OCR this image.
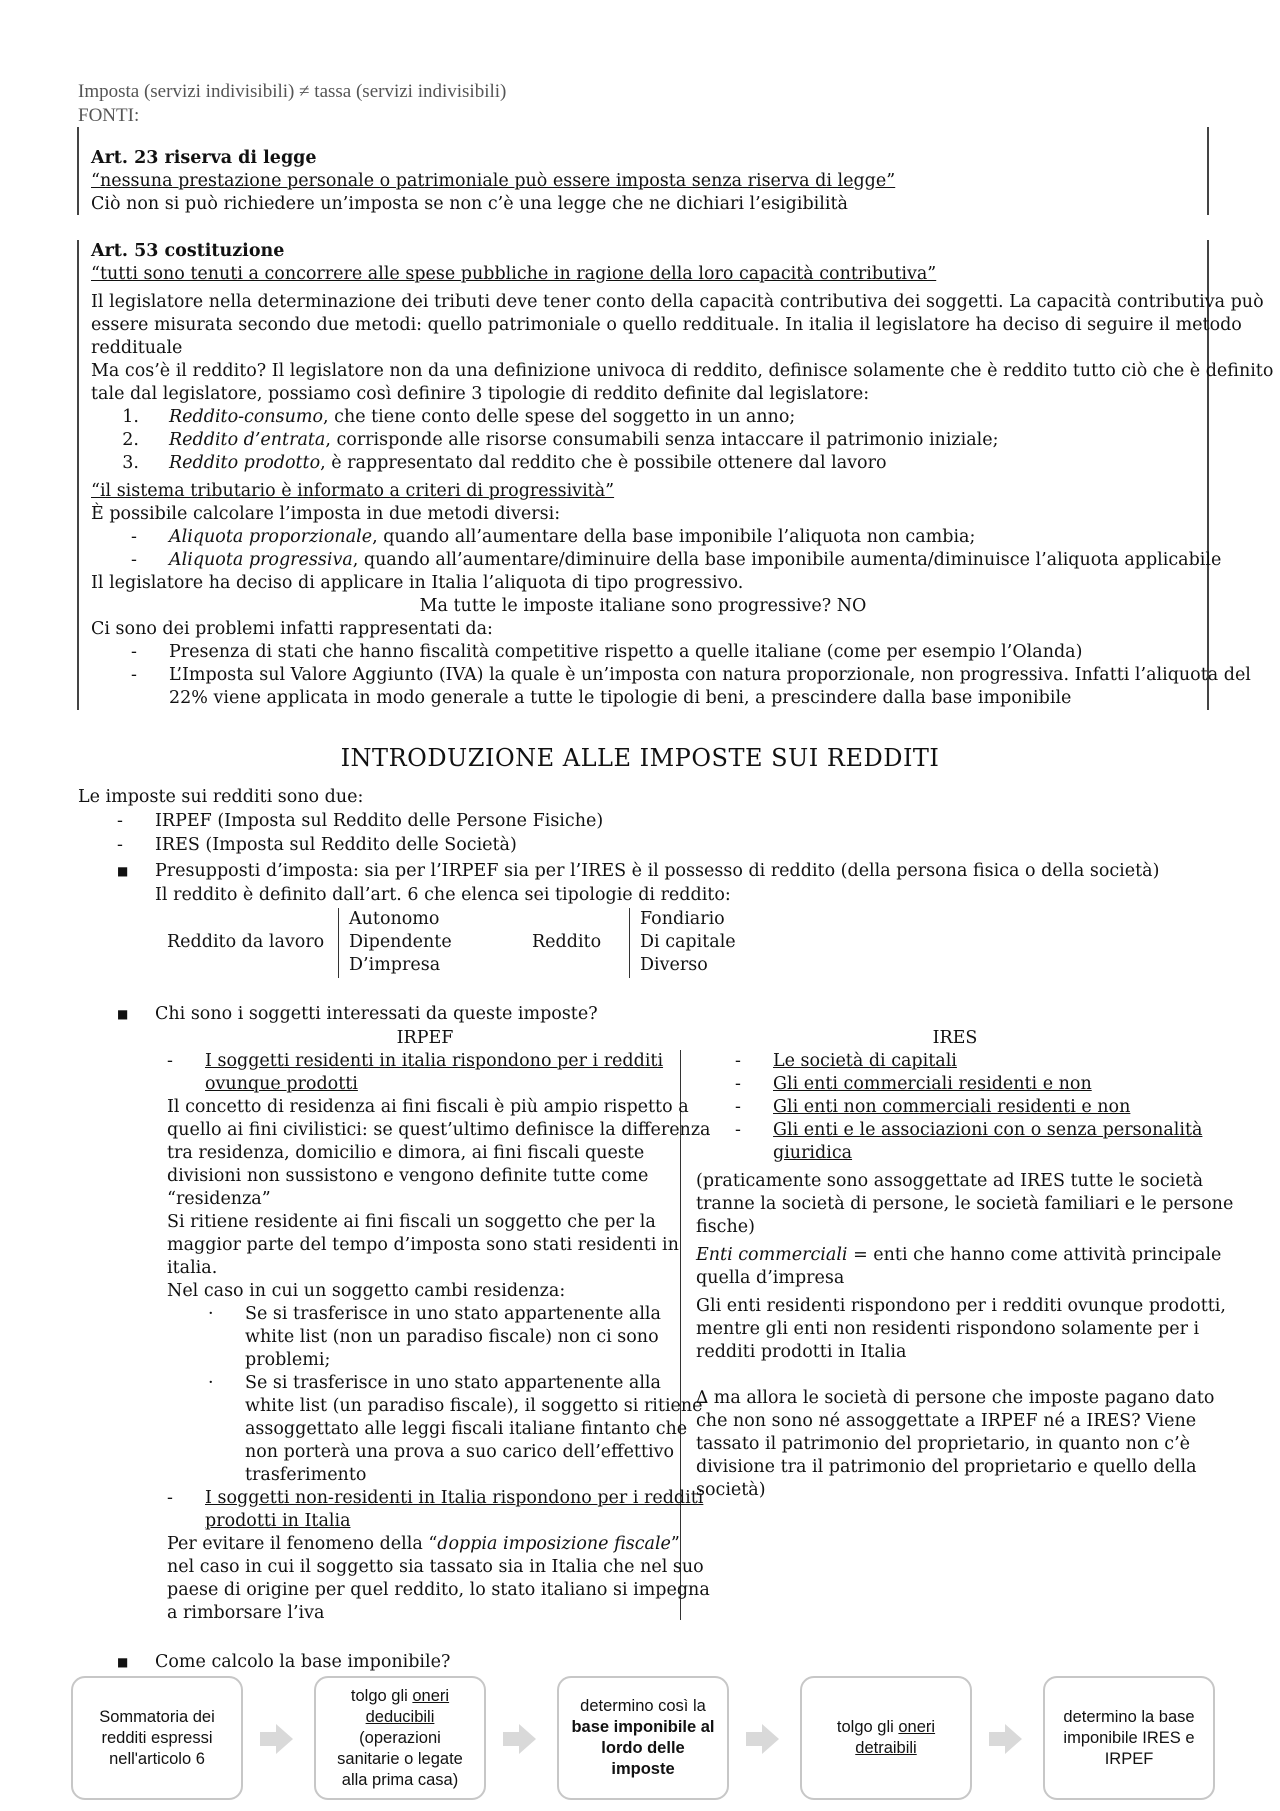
Imposta (servizi indivisibili) ≠ tassa (servizi indivisibili)
FONTI:
Art. 23 riserva di legge
“nessuna prestazione personale o patrimoniale può essere imposta senza riserva di legge”
Ciò non si può richiedere un’imposta se non c’è una legge che ne dichiari l’esigibilità
Art. 53 costituzione
“tutti sono tenuti a concorrere alle spese pubbliche in ragione della loro capacità contributiva”
Il legislatore nella determinazione dei tributi deve tener conto della capacità contributiva dei soggetti. La capacità contributiva può
essere misurata secondo due metodi: quello patrimoniale o quello reddituale. In italia il legislatore ha deciso di seguire il metodo
reddituale
Ma cos’è il reddito? Il legislatore non da una definizione univoca di reddito, definisce solamente che è reddito tutto ciò che è definito
tale dal legislatore, possiamo così definire 3 tipologie di reddito definite dal legislatore:
1. Reddito-consumo, che tiene conto delle spese del soggetto in un anno;
2. Reddito d’entrata, corrisponde alle risorse consumabili senza intaccare il patrimonio iniziale;
3. Reddito prodotto, è rappresentato dal reddito che è possibile ottenere dal lavoro
“il sistema tributario è informato a criteri di progressività”
È possibile calcolare l’imposta in due metodi diversi:
- Aliquota proporzionale, quando all’aumentare della base imponibile l’aliquota non cambia;
- Aliquota progressiva, quando all’aumentare/diminuire della base imponibile aumenta/diminuisce l’aliquota applicabile
Il legislatore ha deciso di applicare in Italia l’aliquota di tipo progressivo.
Ma tutte le imposte italiane sono progressive? NO
Ci sono dei problemi infatti rappresentati da:
- Presenza di stati che hanno fiscalità competitive rispetto a quelle italiane (come per esempio l’Olanda)
- L’Imposta sul Valore Aggiunto (IVA) la quale è un’imposta con natura proporzionale, non progressiva. Infatti l’aliquota del
22% viene applicata in modo generale a tutte le tipologie di beni, a prescindere dalla base imponibile
INTRODUZIONE ALLE IMPOSTE SUI REDDITI
Le imposte sui redditi sono due:
- IRPEF (Imposta sul Reddito delle Persone Fisiche)
- IRES (Imposta sul Reddito delle Società)
■ Presupposti d’imposta: sia per l’IRPEF sia per l’IRES è il possesso di reddito (della persona fisica o della società)
Il reddito è definito dall’art. 6 che elenca sei tipologie di reddito:
Reddito da lavoro
Autonomo
Dipendente
D’impresa
Reddito
Fondiario
Di capitale
Diverso
■ Chi sono i soggetti interessati da queste imposte?
IRPEF	IRES
- I soggetti residenti in italia rispondono per i redditi
ovunque prodotti
Il concetto di residenza ai fini fiscali è più ampio rispetto a
quello ai fini civilistici: se quest’ultimo definisce la differenza
tra residenza, domicilio e dimora, ai fini fiscali queste
divisioni non sussistono e vengono definite tutte come
“residenza”
Si ritiene residente ai fini fiscali un soggetto che per la
maggior parte del tempo d’imposta sono stati residenti in
italia.
Nel caso in cui un soggetto cambi residenza:
· Se si trasferisce in uno stato appartenente alla
white list (non un paradiso fiscale) non ci sono
problemi;
· Se si trasferisce in uno stato appartenente alla
white list (un paradiso fiscale), il soggetto si ritiene
assoggettato alle leggi fiscali italiane fintanto che
non porterà una prova a suo carico dell’effettivo
trasferimento
- I soggetti non-residenti in Italia rispondono per i redditi
prodotti in Italia
Per evitare il fenomeno della “doppia imposizione fiscale”
nel caso in cui il soggetto sia tassato sia in Italia che nel suo
paese di origine per quel reddito, lo stato italiano si impegna
a rimborsare l’iva
- Le società di capitali
- Gli enti commerciali residenti e non
- Gli enti non commerciali residenti e non
- Gli enti e le associazioni con o senza personalità
giuridica
(praticamente sono assoggettate ad IRES tutte le società
tranne la società di persone, le società familiari e le persone
fische)
Enti commerciali = enti che hanno come attività principale
quella d’impresa
Gli enti residenti rispondono per i redditi ovunque prodotti,
mentre gli enti non residenti rispondono solamente per i
redditi prodotti in Italia
∆ ma allora le società di persone che imposte pagano dato
che non sono né assoggettate a IRPEF né a IRES? Viene
tassato il patrimonio del proprietario, in quanto non c’è
divisione tra il patrimonio del proprietario e quello della
società)
■ Come calcolo la base imponibile?
Sommatoria dei redditi espressi nell'articolo 6
tolgo gli oneri deducibili (operazioni sanitarie o legate alla prima casa)
determino così la base imponibile al lordo delle imposte
tolgo gli oneri detraibili
determino la base imponibile IRES e IRPEF
